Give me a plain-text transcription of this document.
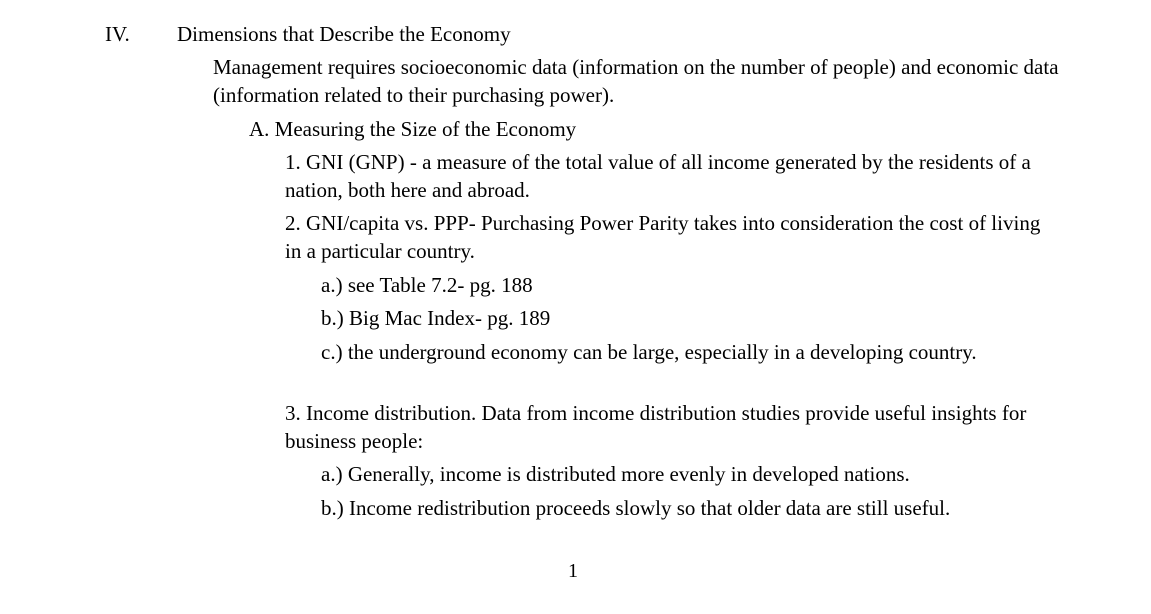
IV. Dimensions that Describe the Economy

Management requires socioeconomic data (information on the number of people) and economic data (information related to their purchasing power).

A. Measuring the Size of the Economy

1. GNI (GNP) - a measure of the total value of all income generated by the residents of a nation, both here and abroad.

2. GNI/capita vs. PPP- Purchasing Power Parity takes into consideration the cost of living in a particular country.

a.) see Table 7.2- pg. 188

b.) Big Mac Index- pg. 189

c.) the underground economy can be large, especially in a developing country.

3. Income distribution. Data from income distribution studies provide useful insights for business people:

a.) Generally, income is distributed more evenly in developed nations.

b.) Income redistribution proceeds slowly so that older data are still useful.

1
